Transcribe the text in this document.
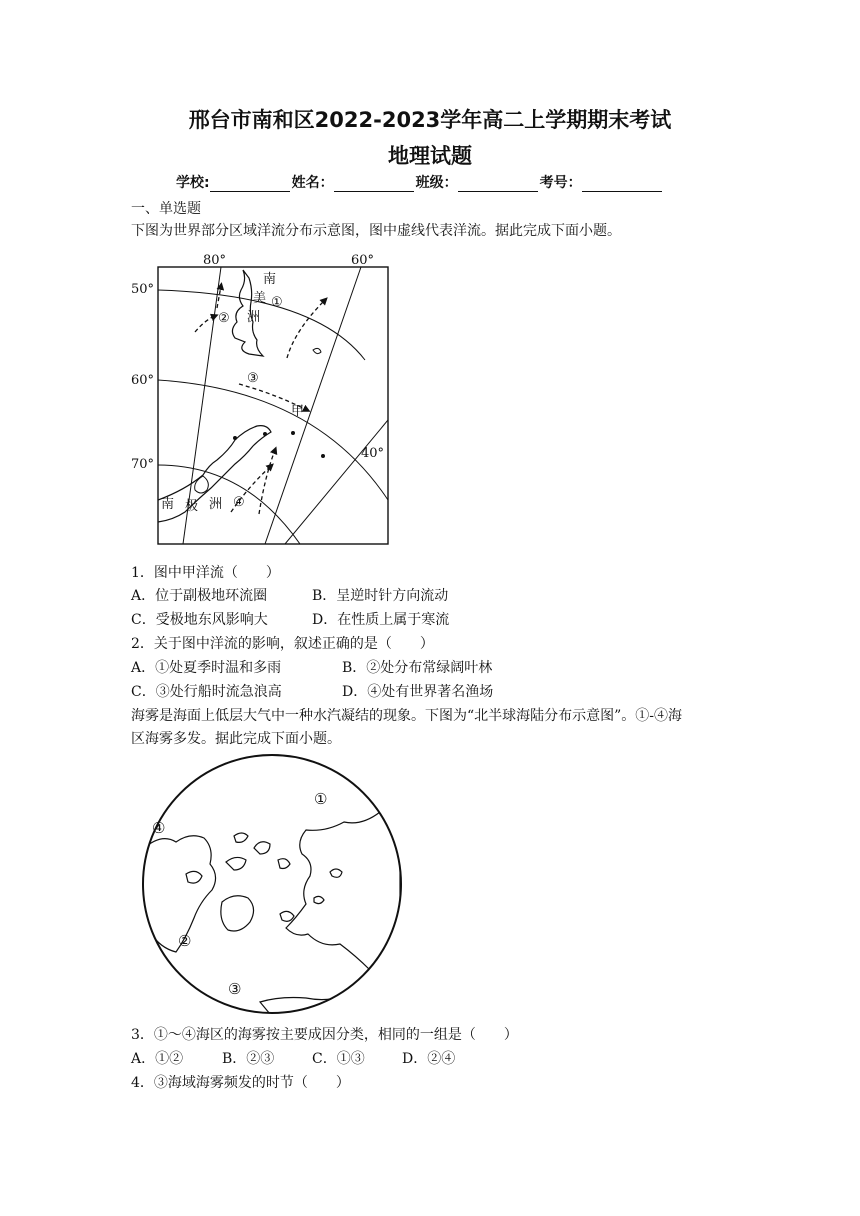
邢台市南和区2022-2023学年高二上学期期末考试
地理试题
学校:	姓名：	班级：	考号：
一、单选题
下图为世界部分区域洋流分布示意图，图中虚线代表洋流。据此完成下面小题。
80°	60°
40°
50°
60°
70°
南
美
洲
南 极 洲
甲
①
②
③
④
1．图中甲洋流（　　）
A．位于副极地环流圈	B．呈逆时针方向流动
C．受极地东风影响大	D．在性质上属于寒流
2．关于图中洋流的影响，叙述正确的是（　　）
A．①处夏季时温和多雨	B．②处分布常绿阔叶林
C．③处行船时流急浪高	D．④处有世界著名渔场
海雾是海面上低层大气中一种水汽凝结的现象。下图为“北半球海陆分布示意图”。①-④海
区海雾多发。据此完成下面小题。
①
②
③
④
3．①～④海区的海雾按主要成因分类，相同的一组是（　　）
A．①②	B．②③	C．①③	D．②④
4．③海域海雾频发的时节（　　）
